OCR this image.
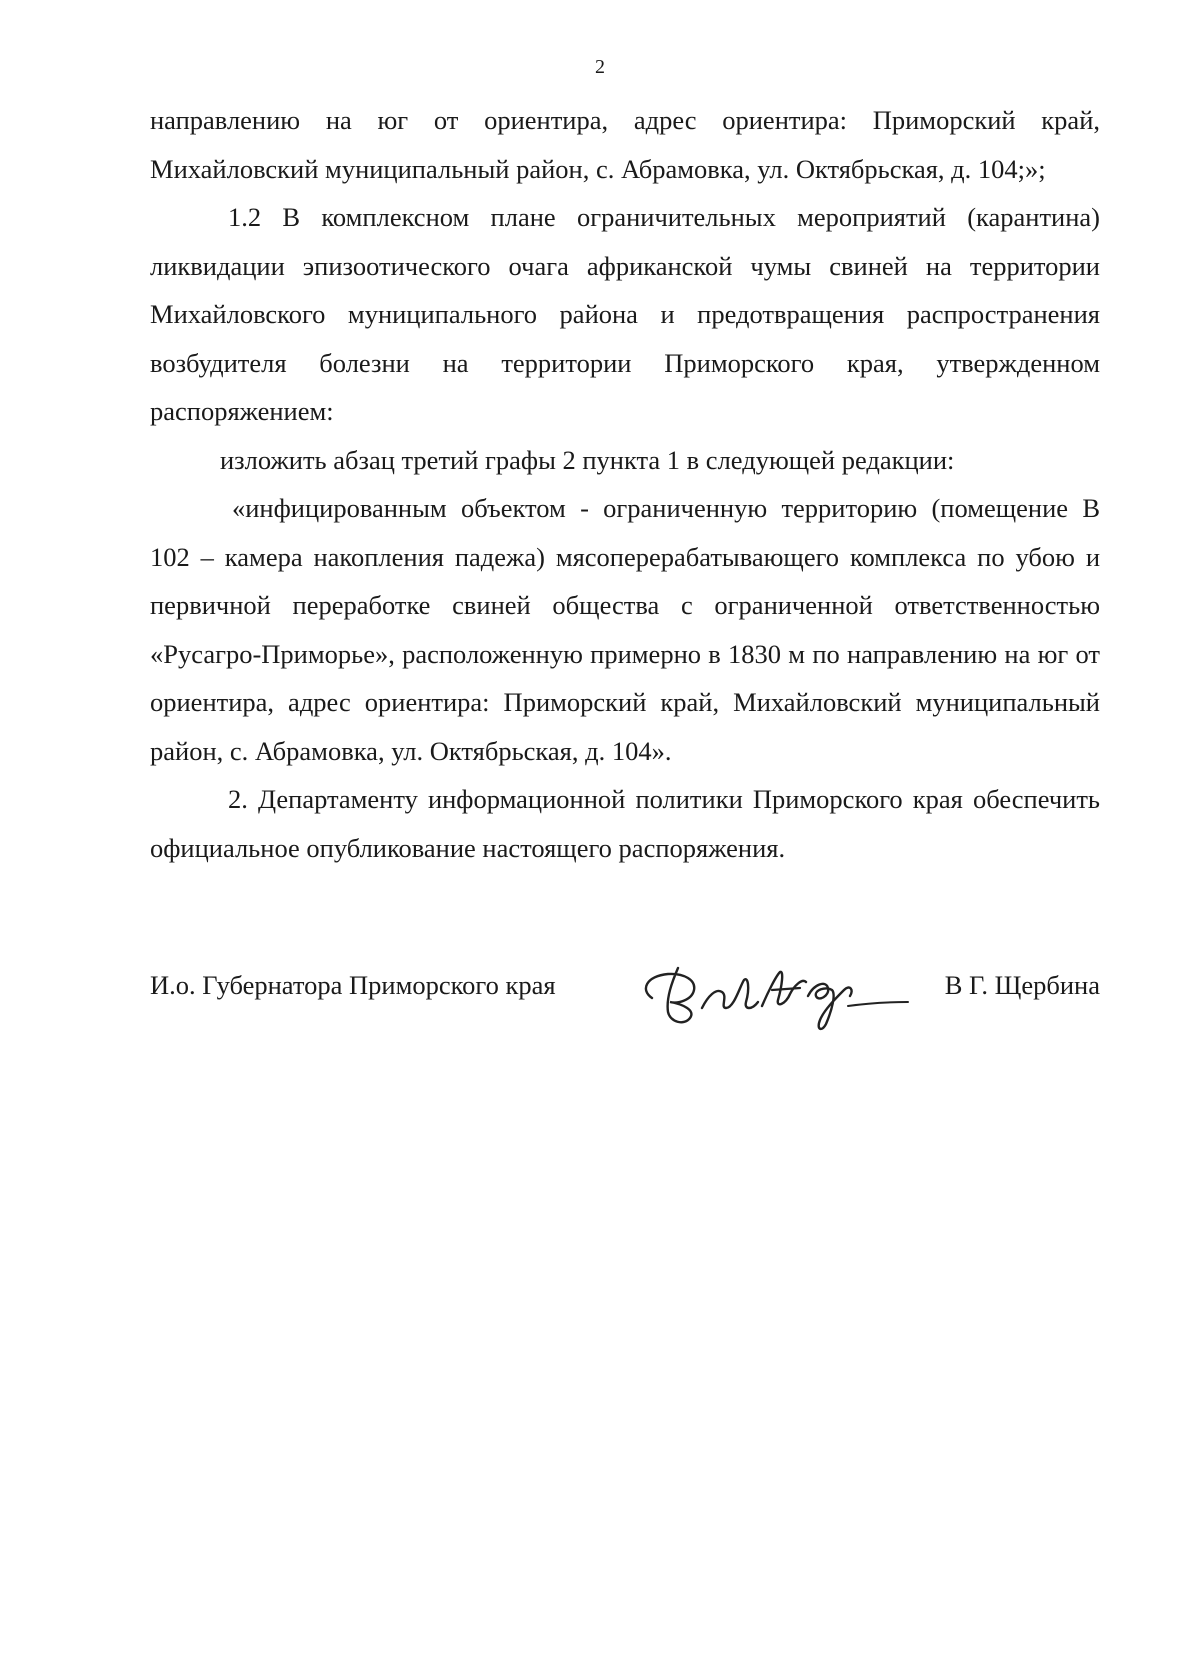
2

направлению на юг от ориентира, адрес ориентира: Приморский край, Михайловский муниципальный район, с. Абрамовка, ул. Октябрьская, д. 104;»;

1.2 В комплексном плане ограничительных мероприятий (карантина) ликвидации эпизоотического очага африканской чумы свиней на территории Михайловского муниципального района и предотвращения распространения возбудителя болезни на территории Приморского края, утвержденном распоряжением:

изложить абзац третий графы 2 пункта 1 в следующей редакции:

«инфицированным объектом - ограниченную территорию (помещение В 102 – камера накопления падежа) мясоперерабатывающего комплекса по убою и первичной переработке свиней общества с ограниченной ответственностью «Русагро-Приморье», расположенную примерно в 1830 м по направлению на юг от ориентира, адрес ориентира: Приморский край, Михайловский муниципальный район, с. Абрамовка, ул. Октябрьская, д. 104».

2. Департаменту информационной политики Приморского края обеспечить официальное опубликование настоящего распоряжения.

И.о. Губернатора Приморского края	В Г. Щербина
